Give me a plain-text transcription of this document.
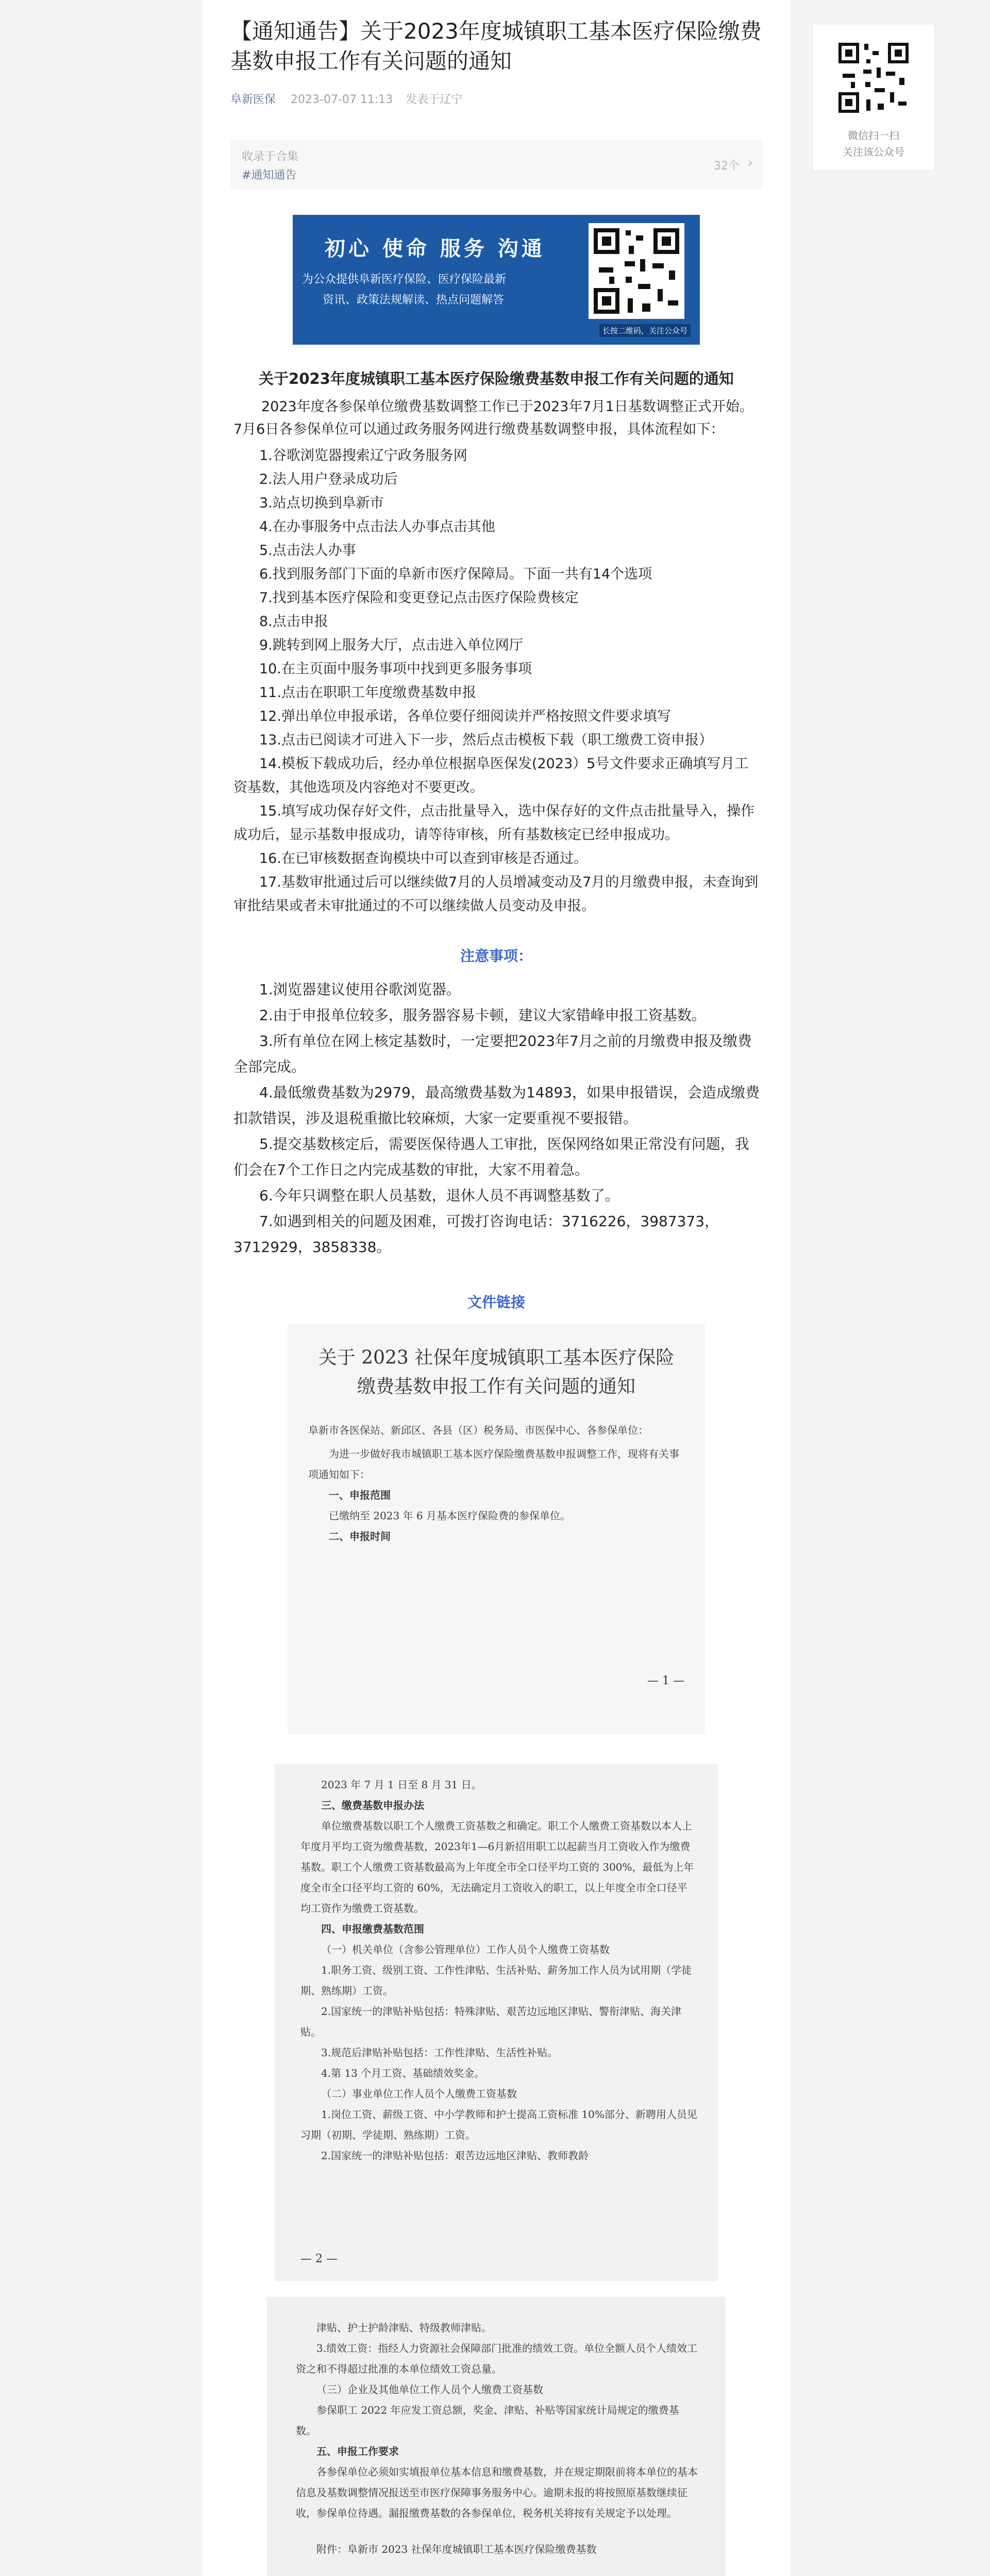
【通知通告】关于2023年度城镇职工基本医疗保险缴费基数申报工作有关问题的通知
阜新医保 2023-07-07 11:13 发表于辽宁
收录于合集
#通知通告
32个 ›
初心 使命 服务 沟通
为公众提供阜新医疗保险、医疗保险最新
资讯、政策法规解读、热点问题解答
长按二维码，关注公众号
关于2023年度城镇职工基本医疗保险缴费基数申报工作有关问题的通知

2023年度各参保单位缴费基数调整工作已于2023年7月1日基数调整正式开始。7月6日各参保单位可以通过政务服务网进行缴费基数调整申报，具体流程如下：

1.谷歌浏览器搜索辽宁政务服务网
2.法人用户登录成功后
3.站点切换到阜新市
4.在办事服务中点击法人办事点击其他
5.点击法人办事
6.找到服务部门下面的阜新市医疗保障局。下面一共有14个选项
7.找到基本医疗保险和变更登记点击医疗保险费核定
8.点击申报
9.跳转到网上服务大厅，点击进入单位网厅
10.在主页面中服务事项中找到更多服务事项
11.点击在职职工年度缴费基数申报
12.弹出单位申报承诺，各单位要仔细阅读并严格按照文件要求填写
13.点击已阅读才可进入下一步，然后点击模板下载（职工缴费工资申报）
14.模板下载成功后，经办单位根据阜医保发(2023）5号文件要求正确填写月工资基数，其他选项及内容绝对不要更改。
15.填写成功保存好文件，点击批量导入，选中保存好的文件点击批量导入，操作成功后，显示基数申报成功，请等待审核，所有基数核定已经申报成功。
16.在已审核数据查询模块中可以查到审核是否通过。
17.基数审批通过后可以继续做7月的人员增减变动及7月的月缴费申报，未查询到审批结果或者未审批通过的不可以继续做人员变动及申报。
注意事项：
1.浏览器建议使用谷歌浏览器。
2.由于申报单位较多，服务器容易卡顿，建议大家错峰申报工资基数。
3.所有单位在网上核定基数时，一定要把2023年7月之前的月缴费申报及缴费全部完成。
4.最低缴费基数为2979，最高缴费基数为14893，如果申报错误，会造成缴费扣款错误，涉及退税重撤比较麻烦，大家一定要重视不要报错。
5.提交基数核定后，需要医保待遇人工审批，医保网络如果正常没有问题，我们会在7个工作日之内完成基数的审批，大家不用着急。
6.今年只调整在职人员基数，退休人员不再调整基数了。
7.如遇到相关的问题及困难，可拨打咨询电话：3716226，3987373，3712929，3858338。
文件链接
关于 2023 社保年度城镇职工基本医疗保险
缴费基数申报工作有关问题的通知

阜新市各医保站、新邱区、各县（区）税务局、市医保中心、各参保单位：

为进一步做好我市城镇职工基本医疗保险缴费基数申报调整工作，现将有关事项通知如下：

一、申报范围

已缴纳至 2023 年 6 月基本医疗保险费的参保单位。

二、申报时间

— 1 —

2023 年 7 月 1 日至 8 月 31 日。

三、缴费基数申报办法

单位缴费基数以职工个人缴费工资基数之和确定。职工个人缴费工资基数以本人上年度月平均工资为缴费基数，2023年1—6月新招用职工以起薪当月工资收入作为缴费基数。职工个人缴费工资基数最高为上年度全市全口径平均工资的 300%，最低为上年度全市全口径平均工资的 60%，无法确定月工资收入的职工，以上年度全市全口径平均工资作为缴费工资基数。

四、申报缴费基数范围

（一）机关单位（含参公管理单位）工作人员个人缴费工资基数

1.职务工资、级别工资、工作性津贴、生活补贴、薪务加工作人员为试用期（学徒期、熟练期）工资。

2.国家统一的津贴补贴包括：特殊津贴、艰苦边远地区津贴、警衔津贴、海关津贴。

3.规范后津贴补贴包括：工作性津贴、生活性补贴。

4.第 13 个月工资、基础绩效奖金。

（二）事业单位工作人员个人缴费工资基数

1.岗位工资、薪级工资、中小学教师和护士提高工资标准 10%部分、新聘用人员见习期（初期、学徒期、熟练期）工资。

2.国家统一的津贴补贴包括：艰苦边远地区津贴、教师教龄

— 2 —

津贴、护士护龄津贴、特级教师津贴。

3.绩效工资：指经人力资源社会保障部门批准的绩效工资。单位全额人员个人绩效工资之和不得超过批准的本单位绩效工资总量。

（三）企业及其他单位工作人员个人缴费工资基数

参保职工 2022 年应发工资总额，奖金、津贴、补贴等国家统计局规定的缴费基数。

五、申报工作要求

各参保单位必须如实填报单位基本信息和缴费基数，并在规定期限前将本单位的基本信息及基数调整情况报送至市医疗保障事务服务中心。逾期未报的将按照原基数继续征收，参保单位待遇。漏报缴费基数的各参保单位，税务机关将按有关规定予以处理。

附件：阜新市 2023 社保年度城镇职工基本医疗保险缴费基数

微信扫一扫
关注该公众号
